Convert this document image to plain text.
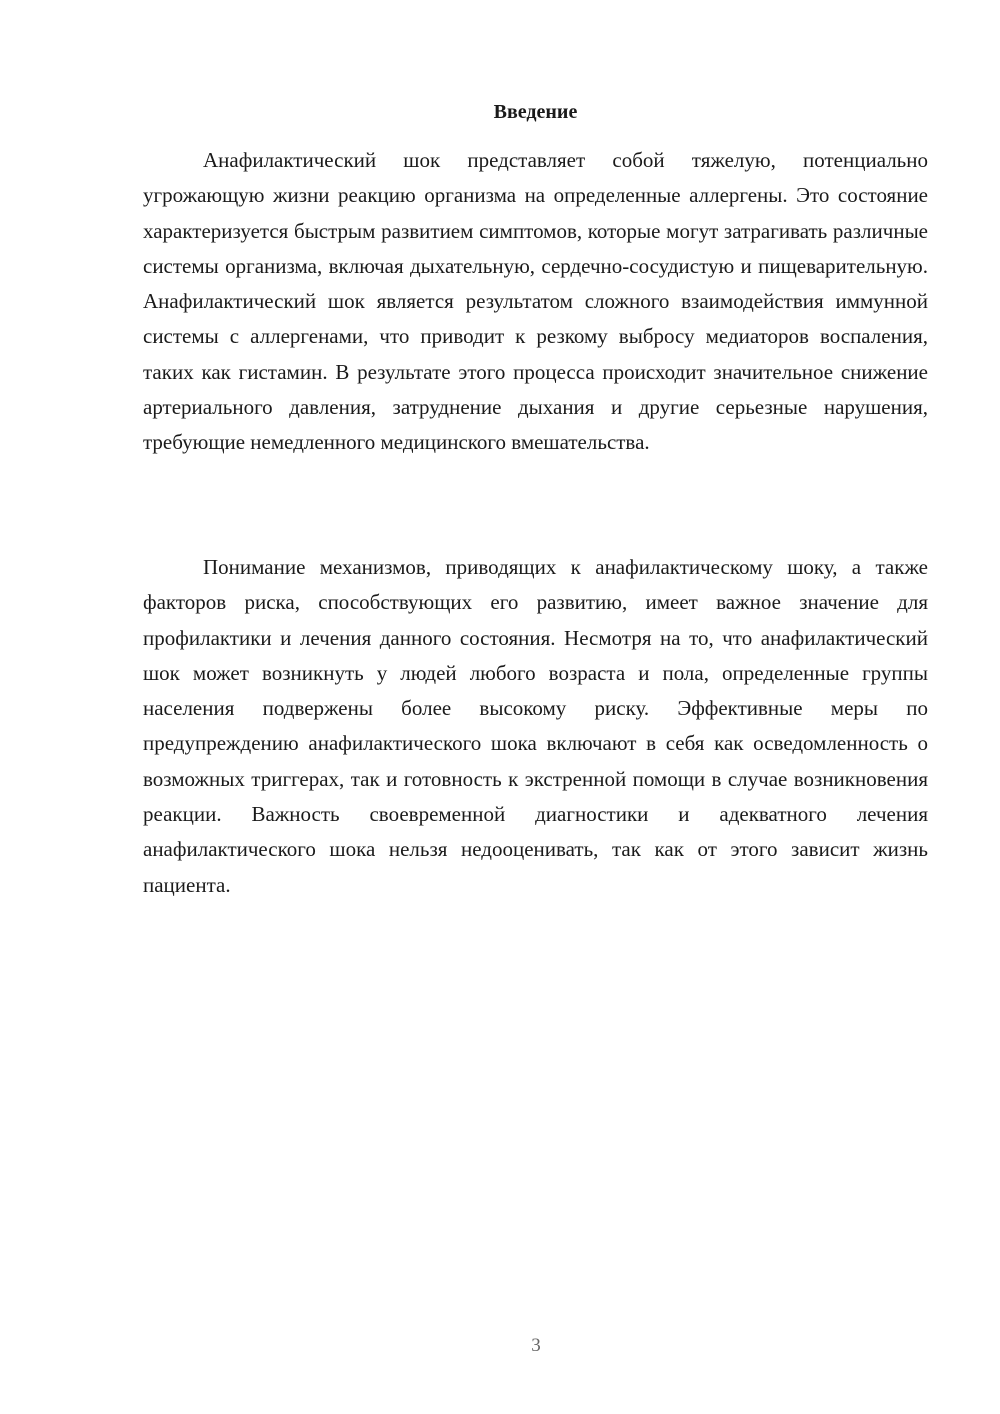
Введение

Анафилактический шок представляет собой тяжелую, потенциально угрожающую жизни реакцию организма на определенные аллергены. Это состояние характеризуется быстрым развитием симптомов, которые могут затрагивать различные системы организма, включая дыхательную, сердечно-сосудистую и пищеварительную. Анафилактический шок является результатом сложного взаимодействия иммунной системы с аллергенами, что приводит к резкому выбросу медиаторов воспаления, таких как гистамин. В результате этого процесса происходит значительное снижение артериального давления, затруднение дыхания и другие серьезные нарушения, требующие немедленного медицинского вмешательства.

Понимание механизмов, приводящих к анафилактическому шоку, а также факторов риска, способствующих его развитию, имеет важное значение для профилактики и лечения данного состояния. Несмотря на то, что анафилактический шок может возникнуть у людей любого возраста и пола, определенные группы населения подвержены более высокому риску. Эффективные меры по предупреждению анафилактического шока включают в себя как осведомленность о возможных триггерах, так и готовность к экстренной помощи в случае возникновения реакции. Важность своевременной диагностики и адекватного лечения анафилактического шока нельзя недооценивать, так как от этого зависит жизнь пациента.

3
